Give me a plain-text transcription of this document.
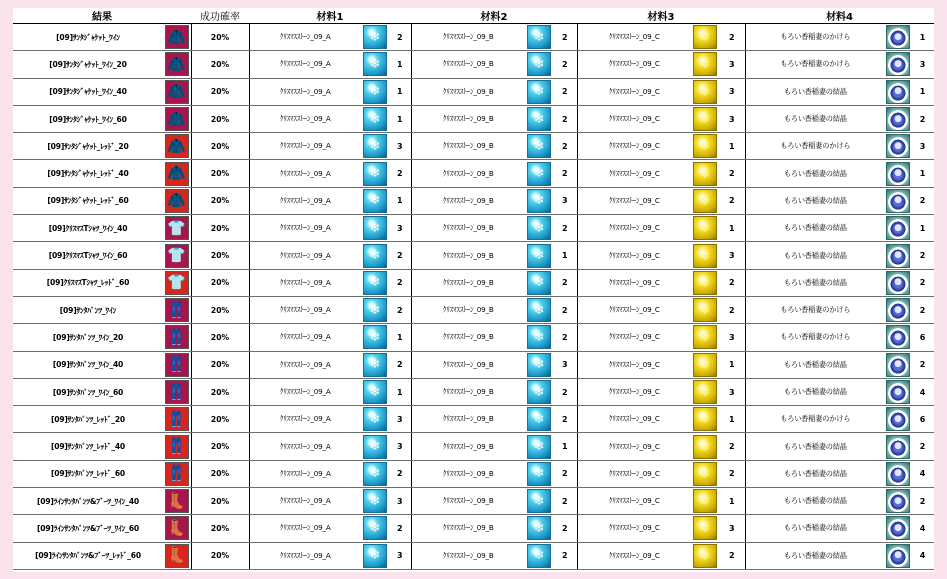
結果		成功確率	材料1			材料2			材料3			材料4		
[09]ｻﾝﾀｼﾞｬｹｯﾄ_ﾜｲﾝ	🧥	20%	ｸﾘｽﾏｽｽﾄｰﾝ_09_A	❄	2	ｸﾘｽﾏｽｽﾄｰﾝ_09_B	❄	2	ｸﾘｽﾏｽｽﾄｰﾝ_09_C	❄	2	もろい香稲妻のかけら	●	1
[09]ｻﾝﾀｼﾞｬｹｯﾄ_ﾜｲﾝ_20	🧥	20%	ｸﾘｽﾏｽｽﾄｰﾝ_09_A	❄	1	ｸﾘｽﾏｽｽﾄｰﾝ_09_B	❄	2	ｸﾘｽﾏｽｽﾄｰﾝ_09_C	❄	3	もろい香稲妻のかけら	●	3
[09]ｻﾝﾀｼﾞｬｹｯﾄ_ﾜｲﾝ_40	🧥	20%	ｸﾘｽﾏｽｽﾄｰﾝ_09_A	❄	1	ｸﾘｽﾏｽｽﾄｰﾝ_09_B	❄	2	ｸﾘｽﾏｽｽﾄｰﾝ_09_C	❄	3	もろい香稲妻の結晶	●	1
[09]ｻﾝﾀｼﾞｬｹｯﾄ_ﾜｲﾝ_60	🧥	20%	ｸﾘｽﾏｽｽﾄｰﾝ_09_A	❄	1	ｸﾘｽﾏｽｽﾄｰﾝ_09_B	❄	2	ｸﾘｽﾏｽｽﾄｰﾝ_09_C	❄	3	もろい香稲妻の結晶	●	2
[09]ｻﾝﾀｼﾞｬｹｯﾄ_ﾚｯﾄﾞ_20	🧥	20%	ｸﾘｽﾏｽｽﾄｰﾝ_09_A	❄	3	ｸﾘｽﾏｽｽﾄｰﾝ_09_B	❄	2	ｸﾘｽﾏｽｽﾄｰﾝ_09_C	❄	1	もろい香稲妻のかけら	●	3
[09]ｻﾝﾀｼﾞｬｹｯﾄ_ﾚｯﾄﾞ_40	🧥	20%	ｸﾘｽﾏｽｽﾄｰﾝ_09_A	❄	2	ｸﾘｽﾏｽｽﾄｰﾝ_09_B	❄	2	ｸﾘｽﾏｽｽﾄｰﾝ_09_C	❄	2	もろい香稲妻の結晶	●	1
[09]ｻﾝﾀｼﾞｬｹｯﾄ_ﾚｯﾄﾞ_60	🧥	20%	ｸﾘｽﾏｽｽﾄｰﾝ_09_A	❄	1	ｸﾘｽﾏｽｽﾄｰﾝ_09_B	❄	3	ｸﾘｽﾏｽｽﾄｰﾝ_09_C	❄	2	もろい香稲妻の結晶	●	2
[09]ｸﾘｽﾏｽTｼｬﾂ_ﾜｲﾝ_40	👕	20%	ｸﾘｽﾏｽｽﾄｰﾝ_09_A	❄	3	ｸﾘｽﾏｽｽﾄｰﾝ_09_B	❄	2	ｸﾘｽﾏｽｽﾄｰﾝ_09_C	❄	1	もろい香稲妻の結晶	●	1
[09]ｸﾘｽﾏｽTｼｬﾂ_ﾜｲﾝ_60	👕	20%	ｸﾘｽﾏｽｽﾄｰﾝ_09_A	❄	2	ｸﾘｽﾏｽｽﾄｰﾝ_09_B	❄	1	ｸﾘｽﾏｽｽﾄｰﾝ_09_C	❄	3	もろい香稲妻の結晶	●	2
[09]ｸﾘｽﾏｽTｼｬﾂ_ﾚｯﾄﾞ_60	👕	20%	ｸﾘｽﾏｽｽﾄｰﾝ_09_A	❄	2	ｸﾘｽﾏｽｽﾄｰﾝ_09_B	❄	2	ｸﾘｽﾏｽｽﾄｰﾝ_09_C	❄	2	もろい香稲妻の結晶	●	2
[09]ｻﾝﾀﾊﾟﾝﾂ_ﾜｲﾝ	👖	20%	ｸﾘｽﾏｽｽﾄｰﾝ_09_A	❄	2	ｸﾘｽﾏｽｽﾄｰﾝ_09_B	❄	2	ｸﾘｽﾏｽｽﾄｰﾝ_09_C	❄	2	もろい香稲妻のかけら	●	2
[09]ｻﾝﾀﾊﾟﾝﾂ_ﾜｲﾝ_20	👖	20%	ｸﾘｽﾏｽｽﾄｰﾝ_09_A	❄	1	ｸﾘｽﾏｽｽﾄｰﾝ_09_B	❄	2	ｸﾘｽﾏｽｽﾄｰﾝ_09_C	❄	3	もろい香稲妻のかけら	●	6
[09]ｻﾝﾀﾊﾟﾝﾂ_ﾜｲﾝ_40	👖	20%	ｸﾘｽﾏｽｽﾄｰﾝ_09_A	❄	2	ｸﾘｽﾏｽｽﾄｰﾝ_09_B	❄	3	ｸﾘｽﾏｽｽﾄｰﾝ_09_C	❄	1	もろい香稲妻の結晶	●	2
[09]ｻﾝﾀﾊﾟﾝﾂ_ﾜｲﾝ_60	👖	20%	ｸﾘｽﾏｽｽﾄｰﾝ_09_A	❄	1	ｸﾘｽﾏｽｽﾄｰﾝ_09_B	❄	2	ｸﾘｽﾏｽｽﾄｰﾝ_09_C	❄	3	もろい香稲妻の結晶	●	4
[09]ｻﾝﾀﾊﾟﾝﾂ_ﾚｯﾄﾞ_20	👖	20%	ｸﾘｽﾏｽｽﾄｰﾝ_09_A	❄	3	ｸﾘｽﾏｽｽﾄｰﾝ_09_B	❄	2	ｸﾘｽﾏｽｽﾄｰﾝ_09_C	❄	1	もろい香稲妻のかけら	●	6
[09]ｻﾝﾀﾊﾟﾝﾂ_ﾚｯﾄﾞ_40	👖	20%	ｸﾘｽﾏｽｽﾄｰﾝ_09_A	❄	3	ｸﾘｽﾏｽｽﾄｰﾝ_09_B	❄	1	ｸﾘｽﾏｽｽﾄｰﾝ_09_C	❄	2	もろい香稲妻の結晶	●	2
[09]ｻﾝﾀﾊﾟﾝﾂ_ﾚｯﾄﾞ_60	👖	20%	ｸﾘｽﾏｽｽﾄｰﾝ_09_A	❄	2	ｸﾘｽﾏｽｽﾄｰﾝ_09_B	❄	2	ｸﾘｽﾏｽｽﾄｰﾝ_09_C	❄	2	もろい香稲妻の結晶	●	4
[09]ﾗｲﾝｻﾝﾀﾊﾟﾝﾂ&ﾌﾞｰﾂ_ﾜｲﾝ_40	👢	20%	ｸﾘｽﾏｽｽﾄｰﾝ_09_A	❄	3	ｸﾘｽﾏｽｽﾄｰﾝ_09_B	❄	2	ｸﾘｽﾏｽｽﾄｰﾝ_09_C	❄	1	もろい香稲妻の結晶	●	2
[09]ﾗｲﾝｻﾝﾀﾊﾟﾝﾂ&ﾌﾞｰﾂ_ﾜｲﾝ_60	👢	20%	ｸﾘｽﾏｽｽﾄｰﾝ_09_A	❄	2	ｸﾘｽﾏｽｽﾄｰﾝ_09_B	❄	2	ｸﾘｽﾏｽｽﾄｰﾝ_09_C	❄	3	もろい香稲妻の結晶	●	4
[09]ﾗｲﾝｻﾝﾀﾊﾟﾝﾂ&ﾌﾞｰﾂ_ﾚｯﾄﾞ_60	👢	20%	ｸﾘｽﾏｽｽﾄｰﾝ_09_A	❄	3	ｸﾘｽﾏｽｽﾄｰﾝ_09_B	❄	2	ｸﾘｽﾏｽｽﾄｰﾝ_09_C	❄	2	もろい香稲妻の結晶	●	4
